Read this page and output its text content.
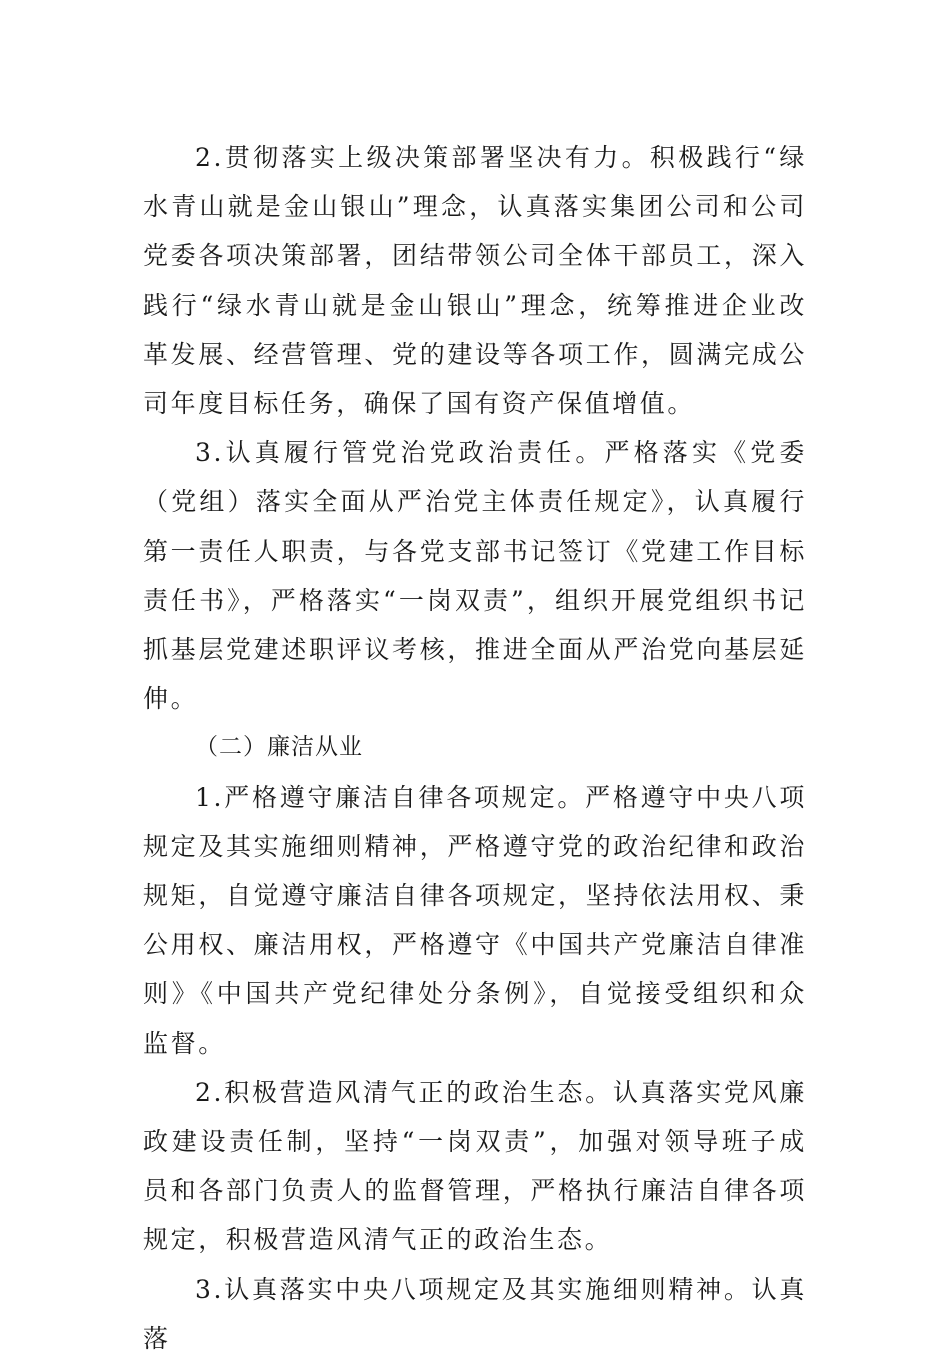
2.贯彻落实上级决策部署坚决有力。积极践行“绿水青山就是金山银山”理念，认真落实集团公司和公司党委各项决策部署，团结带领公司全体干部员工，深入践行“绿水青山就是金山银山”理念，统筹推进企业改革发展、经营管理、党的建设等各项工作，圆满完成公司年度目标任务，确保了国有资产保值增值。

3.认真履行管党治党政治责任。严格落实《党委（党组）落实全面从严治党主体责任规定》，认真履行第一责任人职责，与各党支部书记签订《党建工作目标责任书》，严格落实“一岗双责”，组织开展党组织书记抓基层党建述职评议考核，推进全面从严治党向基层延伸。

（二）廉洁从业

1.严格遵守廉洁自律各项规定。严格遵守中央八项规定及其实施细则精神，严格遵守党的政治纪律和政治规矩，自觉遵守廉洁自律各项规定，坚持依法用权、秉公用权、廉洁用权，严格遵守《中国共产党廉洁自律准则》《中国共产党纪律处分条例》，自觉接受组织和众监督。

2.积极营造风清气正的政治生态。认真落实党风廉政建设责任制，坚持“一岗双责”，加强对领导班子成员和各部门负责人的监督管理，严格执行廉洁自律各项规定，积极营造风清气正的政治生态。

3.认真落实中央八项规定及其实施细则精神。认真落
